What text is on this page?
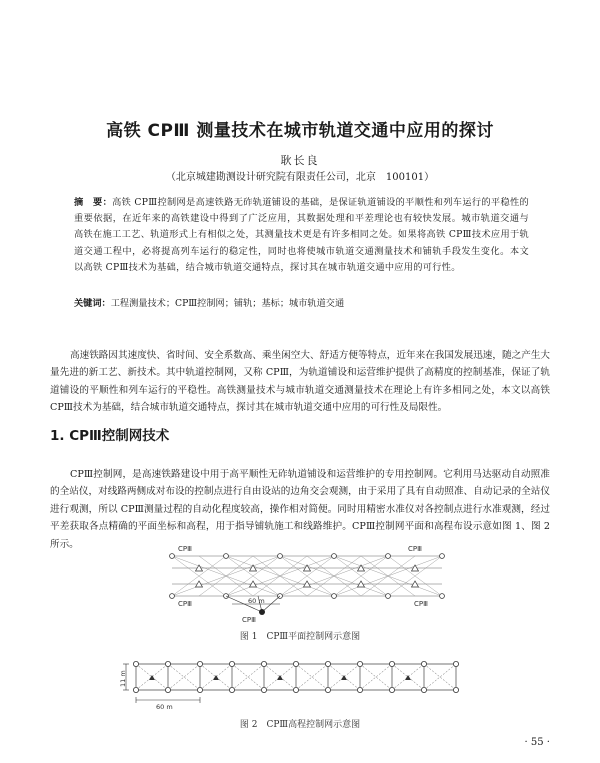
高铁 CPⅢ 测量技术在城市轨道交通中应用的探讨
耿长良
（北京城建勘测设计研究院有限责任公司，北京　100101）
摘　要：高铁 CPⅢ控制网是高速铁路无砟轨道铺设的基础，是保证轨道铺设的平顺性和列车运行的平稳性的重要依据，在近年来的高铁建设中得到了广泛应用，其数据处理和平差理论也有较快发展。城市轨道交通与高铁在施工工艺、轨道形式上有相似之处，其测量技术更是有许多相同之处。如果将高铁 CPⅢ技术应用于轨道交通工程中，必将提高列车运行的稳定性，同时也将使城市轨道交通测量技术和铺轨手段发生变化。本文以高铁 CPⅢ技术为基础，结合城市轨道交通特点，探讨其在城市轨道交通中应用的可行性。
关键词：工程测量技术；CPⅢ控制网；铺轨；基标；城市轨道交通
高速铁路因其速度快、省时间、安全系数高、乘坐闲空大、舒适方便等特点，近年来在我国发展迅速，随之产生大量先进的新工艺、新技术。其中轨道控制网，又称 CPⅢ，为轨道铺设和运营维护提供了高精度的控制基准，保证了轨道铺设的平顺性和列车运行的平稳性。高铁测量技术与城市轨道交通测量技术在理论上有许多相同之处，本文以高铁 CPⅢ技术为基础，结合城市轨道交通特点，探讨其在城市轨道交通中应用的可行性及局限性。
1. CPⅢ控制网技术
CPⅢ控制网，是高速铁路建设中用于高平顺性无砟轨道铺设和运营维护的专用控制网。它利用马达驱动自动照准的全站仪，对线路两侧成对布设的控制点进行自由设站的边角交会观测，由于采用了具有自动照准、自动记录的全站仪进行观测，所以 CPⅢ测量过程的自动化程度较高，操作相对简便。同时用精密水准仪对各控制点进行水准观测，经过平差获取各点精确的平面坐标和高程，用于指导铺轨施工和线路维护。CPⅢ控制网平面和高程布设示意如图 1、图 2 所示。	CPⅢ	CPⅢ
CPⅢ	CPⅢ
CPⅢ
60 m
图 1　CPⅢ平面控制网示意图
11 m
60 m
图 2　CPⅢ高程控制网示意图
· 55 ·
